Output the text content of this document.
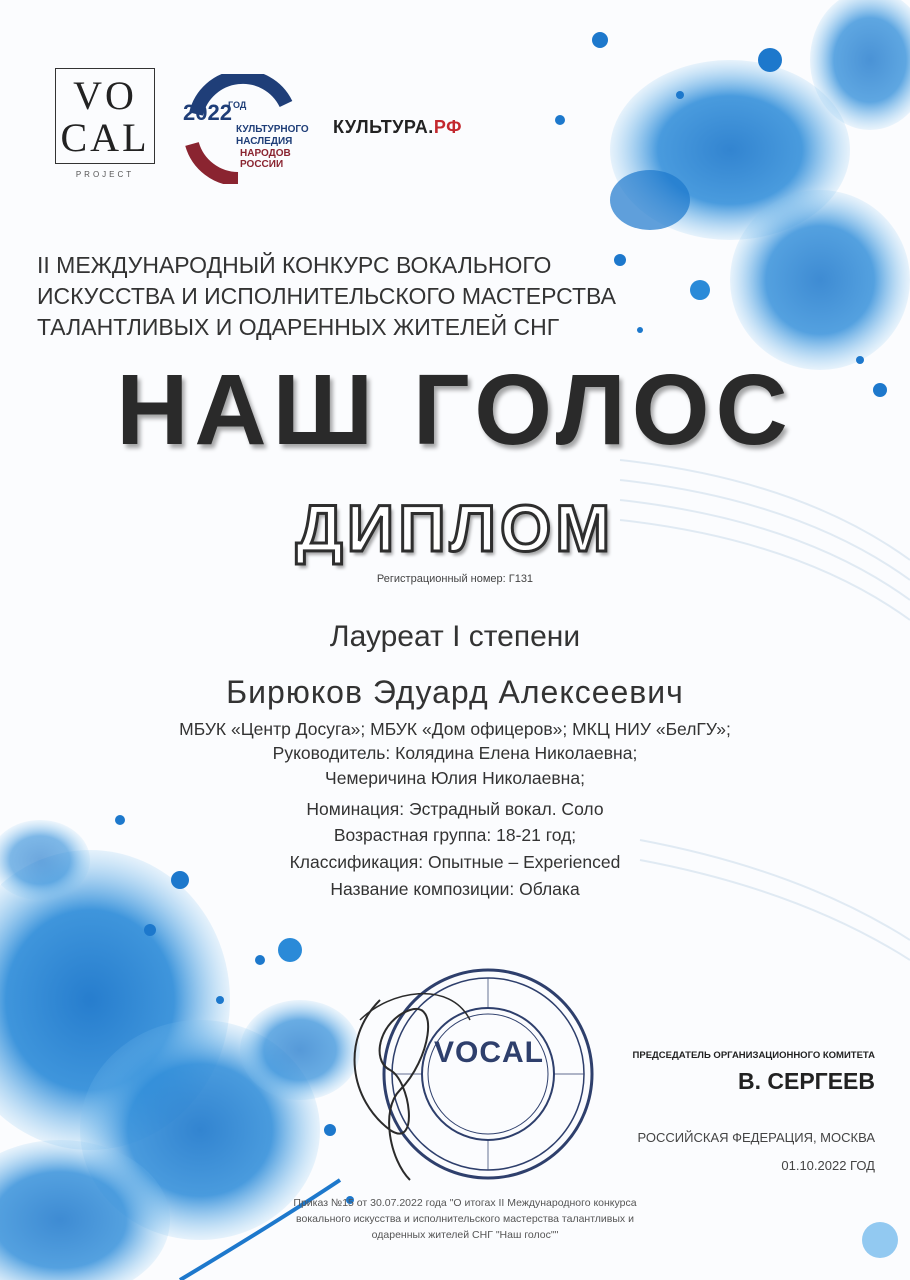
VO
CAL
PROJECT
2022
ГОД
КУЛЬТУРНОГО
НАСЛЕДИЯ
НАРОДОВ
РОССИИ
КУЛЬТУРА.РФ
II МЕЖДУНАРОДНЫЙ КОНКУРС ВОКАЛЬНОГО
ИСКУССТВА И ИСПОЛНИТЕЛЬСКОГО МАСТЕРСТВА
ТАЛАНТЛИВЫХ И ОДАРЕННЫХ ЖИТЕЛЕЙ СНГ
НАШ ГОЛОС
ДИПЛОМ
Регистрационный номер: Г131
Лауреат I степени
Бирюков Эдуард Алексеевич
МБУК «Центр Досуга»; МБУК «Дом офицеров»; МКЦ НИУ «БелГУ»;
Руководитель: Колядина Елена Николаевна;
Чемеричина Юлия Николаевна;
Номинация: Эстрадный вокал. Соло
Возрастная группа: 18-21 год;
Классификация: Опытные – Experienced
Название композиции: Облака
VOCAL	ПРЕДСЕДАТЕЛЬ ОРГАНИЗАЦИОННОГО КОМИТЕТА
В. СЕРГЕЕВ
РОССИЙСКАЯ ФЕДЕРАЦИЯ, МОСКВА
01.10.2022 ГОД
Приказ №15 от 30.07.2022 года "О итогах II Международного конкурса
вокального искусства и исполнительского мастерства талантливых и
одаренных жителей СНГ "Наш голос""
